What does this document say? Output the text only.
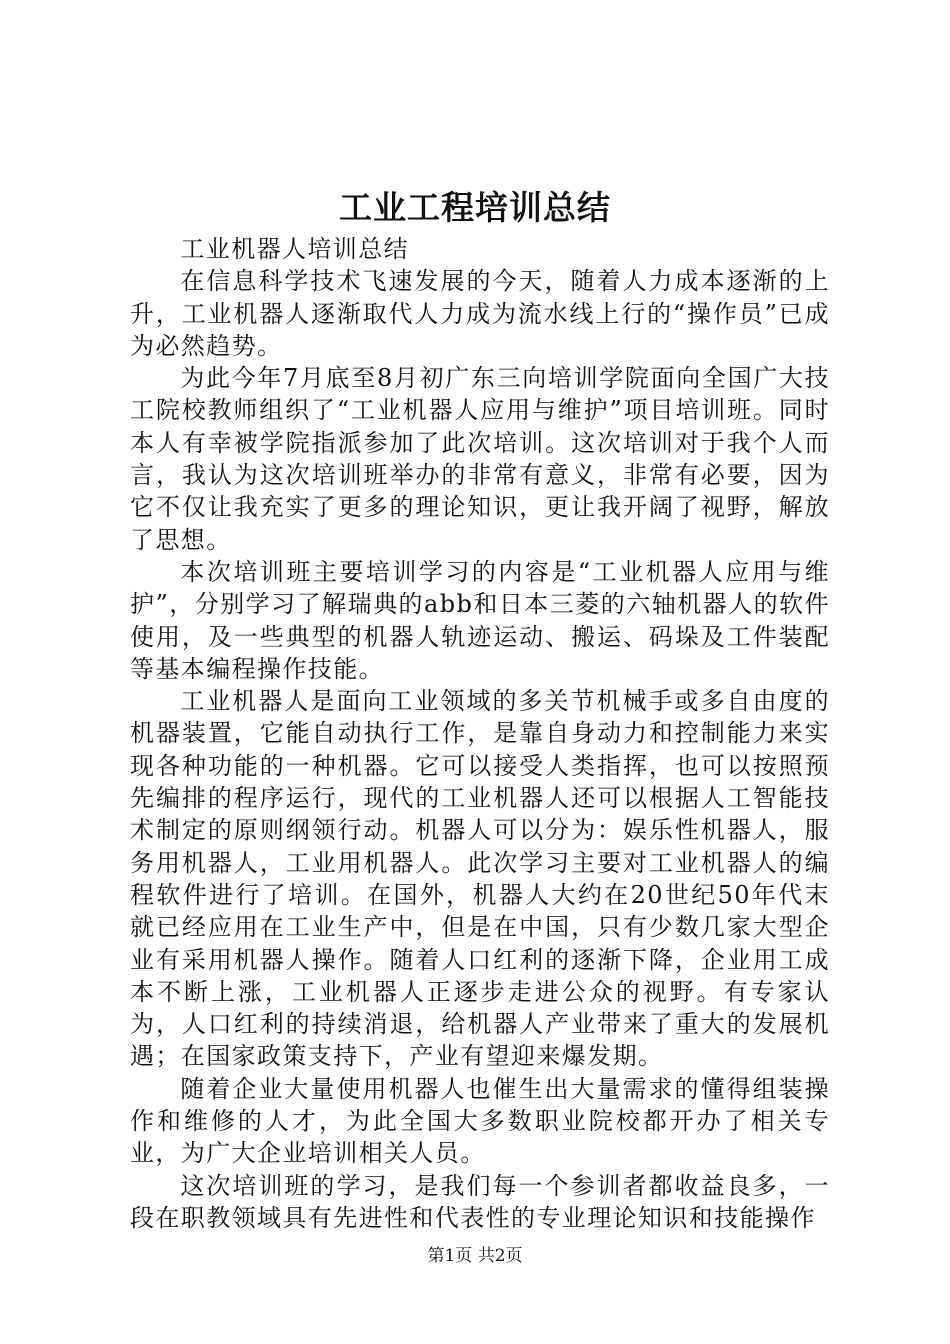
工业工程培训总结
工业机器人培训总结

在信息科学技术飞速发展的今天，随着人力成本逐渐的上升，工业机器人逐渐取代人力成为流水线上行的“操作员”已成为必然趋势。

为此今年7月底至8月初广东三向培训学院面向全国广大技工院校教师组织了“工业机器人应用与维护”项目培训班。同时本人有幸被学院指派参加了此次培训。这次培训对于我个人而言，我认为这次培训班举办的非常有意义，非常有必要，因为它不仅让我充实了更多的理论知识，更让我开阔了视野，解放了思想。

本次培训班主要培训学习的内容是“工业机器人应用与维护”，分别学习了解瑞典的abb和日本三菱的六轴机器人的软件使用，及一些典型的机器人轨迹运动、搬运、码垛及工件装配等基本编程操作技能。

工业机器人是面向工业领域的多关节机械手或多自由度的机器装置，它能自动执行工作，是靠自身动力和控制能力来实现各种功能的一种机器。它可以接受人类指挥，也可以按照预先编排的程序运行，现代的工业机器人还可以根据人工智能技术制定的原则纲领行动。机器人可以分为：娱乐性机器人，服务用机器人，工业用机器人。此次学习主要对工业机器人的编程软件进行了培训。在国外，机器人大约在20世纪50年代末就已经应用在工业生产中，但是在中国，只有少数几家大型企业有采用机器人操作。随着人口红利的逐渐下降，企业用工成本不断上涨，工业机器人正逐步走进公众的视野。有专家认为，人口红利的持续消退，给机器人产业带来了重大的发展机遇；在国家政策支持下，产业有望迎来爆发期。

随着企业大量使用机器人也催生出大量需求的懂得组装操作和维修的人才，为此全国大多数职业院校都开办了相关专业，为广大企业培训相关人员。

这次培训班的学习，是我们每一个参训者都收益良多，一段在职教领域具有先进性和代表性的专业理论知识和技能操作

第1页 共2页
